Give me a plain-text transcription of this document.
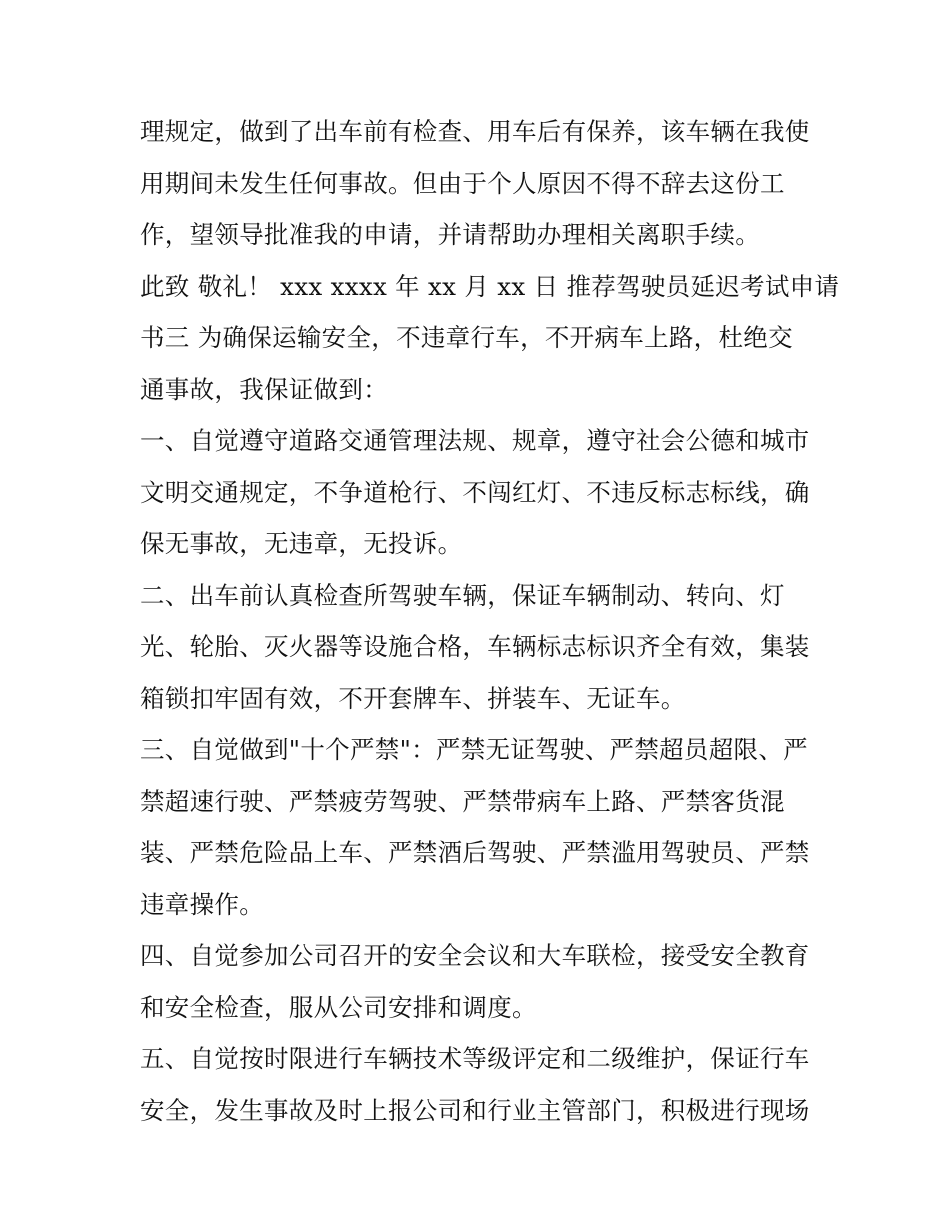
理规定，做到了出车前有检查、用车后有保养，该车辆在我使
用期间未发生任何事故。但由于个人原因不得不辞去这份工
作，望领导批准我的申请，并请帮助办理相关离职手续。
此致 敬礼！ xxx xxxx 年 xx 月 xx 日 推荐驾驶员延迟考试申请
书三 为确保运输安全，不违章行车，不开病车上路，杜绝交
通事故，我保证做到：
一、自觉遵守道路交通管理法规、规章，遵守社会公德和城市
文明交通规定，不争道枪行、不闯红灯、不违反标志标线，确
保无事故，无违章，无投诉。
二、出车前认真检查所驾驶车辆，保证车辆制动、转向、灯
光、轮胎、灭火器等设施合格，车辆标志标识齐全有效，集装
箱锁扣牢固有效，不开套牌车、拼装车、无证车。
三、自觉做到"十个严禁"：严禁无证驾驶、严禁超员超限、严
禁超速行驶、严禁疲劳驾驶、严禁带病车上路、严禁客货混
装、严禁危险品上车、严禁酒后驾驶、严禁滥用驾驶员、严禁
违章操作。
四、自觉参加公司召开的安全会议和大车联检，接受安全教育
和安全检查，服从公司安排和调度。
五、自觉按时限进行车辆技术等级评定和二级维护，保证行车
安全，发生事故及时上报公司和行业主管部门，积极进行现场
